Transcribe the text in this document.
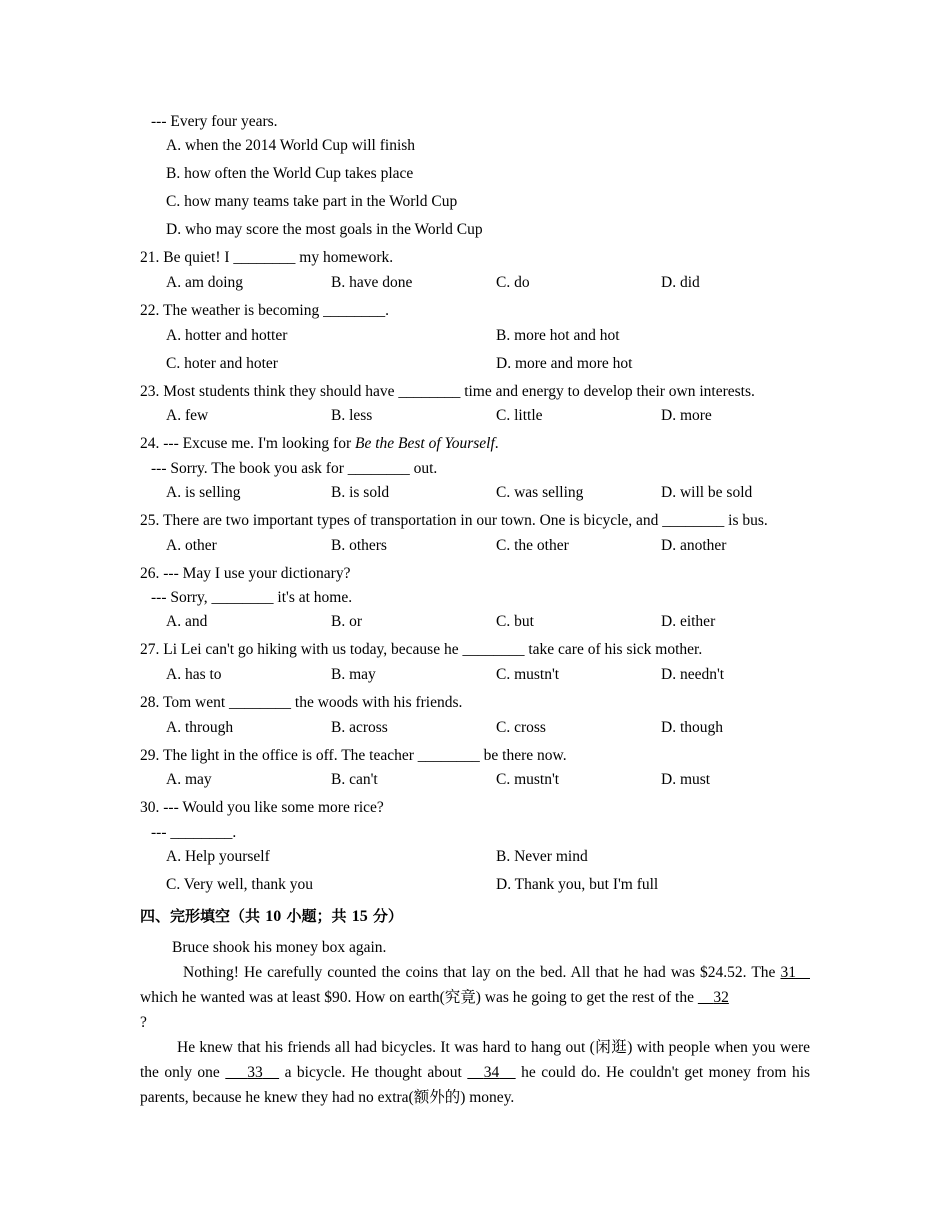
--- Every four years.
A. when the 2014 World Cup will finish
B. how often the World Cup takes place
C. how many teams take part in the World Cup
D. who may score the most goals in the World Cup
21. Be quiet! I ________ my homework.
A. am doing	B. have done	C. do	D. did
22. The weather is becoming ________.
A. hotter and hotter	B. more hot and hot
C. hoter and hoter	D. more and more hot
23. Most students think they should have ________ time and energy to develop their own interests.
A. few	B. less	C. little	D. more
24. --- Excuse me. I'm looking for Be the Best of Yourself.
--- Sorry. The book you ask for ________ out.
A. is selling	B. is sold	C. was selling	D. will be sold
25. There are two important types of transportation in our town. One is bicycle, and ________ is bus.
A. other	B. others	C. the other	D. another
26. --- May I use your dictionary?
--- Sorry, ________ it's at home.
A. and	B. or	C. but	D. either
27. Li Lei can't go hiking with us today, because he ________ take care of his sick mother.
A. has to	B. may	C. mustn't	D. needn't
28. Tom went ________ the woods with his friends.
A. through	B. across	C. cross	D. though
29. The light in the office is off. The teacher ________ be there now.
A. may	B. can't	C. mustn't	D. must
30. --- Would you like some more rice?
--- ________.
A. Help yourself	B. Never mind
C. Very well, thank you	D. Thank you, but I'm full
四、完形填空（共 10 小题；共 15 分）
Bruce shook his money box again.
Nothing! He carefully counted the coins that lay on the bed. All that he had was $24.52. The 31    which he wanted was at least $90. How on earth(究竟) was he going to get the rest of the     32
?
He knew that his friends all had bicycles. It was hard to hang out (闲逛) with people when you were the only one     33    a bicycle. He thought about    34    he could do. He couldn't get money from his parents, because he knew they had no extra(额外的) money.
